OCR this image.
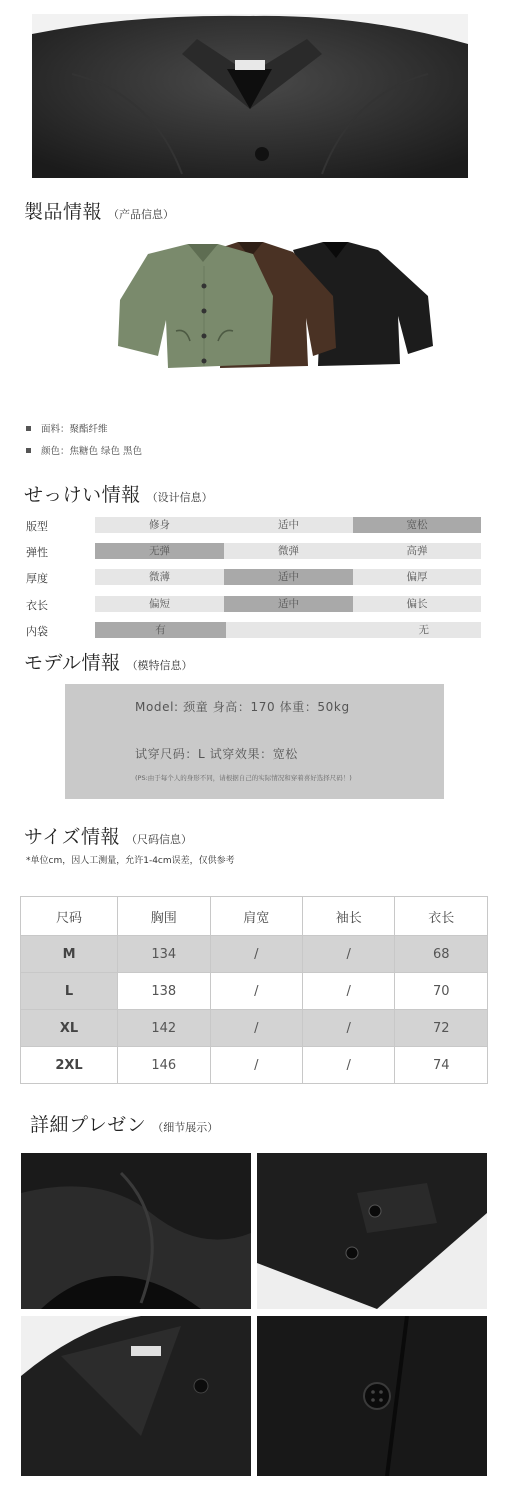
製品情報 （产品信息）
面料：聚酯纤维
颜色：焦糖色 绿色 黑色
せっけい情報 （设计信息）
版型	修身	适中	宽松
弹性	无弹	微弹	高弹
厚度	微薄	适中	偏厚
衣长	偏短	适中	偏长
内袋	有	无
モデル情報 （模特信息）
Model: 颈童 身高：170 体重：50kg
试穿尺码：L 试穿效果：宽松
(PS:由于每个人的身形不同，请根据自己的实际情况和穿着喜好选择尺码！)
サイズ情報 （尺码信息）
*单位cm，因人工测量，允许1-4cm误差，仅供参考
尺码	胸围	肩宽	袖长	衣长
M	134	/	/	68
L	138	/	/	70
XL	142	/	/	72
2XL	146	/	/	74
詳細プレゼン （细节展示）
